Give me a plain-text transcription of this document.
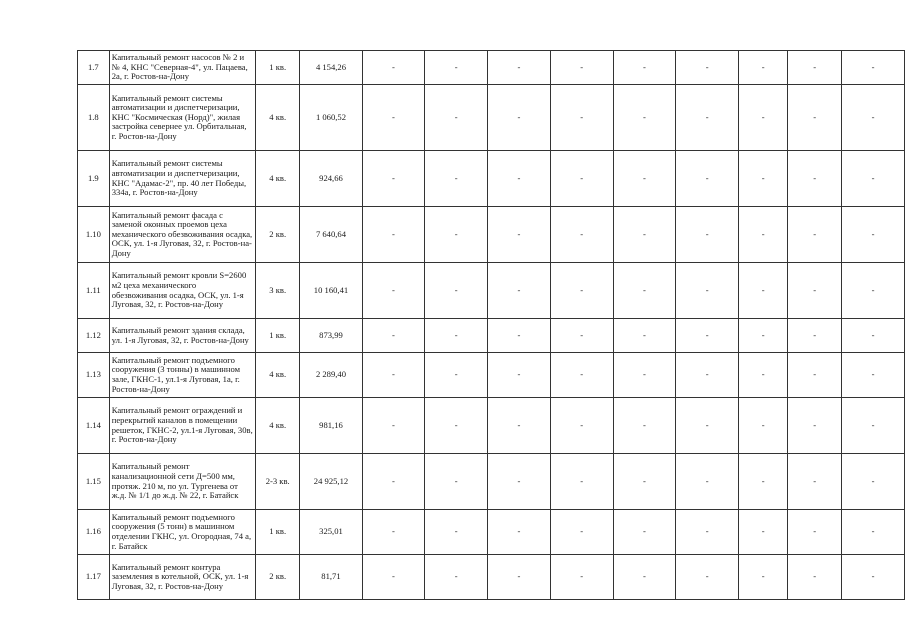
1.7	Капитальный ремонт насосов № 2 и № 4, КНС "Северная-4", ул. Пацаева, 2а, г. Ростов-на-Дону	1 кв.	4 154,26	-	-	-	-	-	-	-	-	-
1.8	Капитальный ремонт системы автоматизации и диспетчеризации, КНС "Космическая (Норд)", жилая застройка севернее ул. Орбитальная, г. Ростов-на-Дону	4 кв.	1 060,52	-	-	-	-	-	-	-	-	-
1.9	Капитальный ремонт системы автоматизации и диспетчеризации, КНС "Адамас-2", пр. 40 лет Победы, 334а, г. Ростов-на-Дону	4 кв.	924,66	-	-	-	-	-	-	-	-	-
1.10	Капитальный ремонт фасада с заменой оконных проемов цеха механического обезвоживания осадка, ОСК, ул. 1-я Луговая, 32, г. Ростов-на-Дону	2 кв.	7 640,64	-	-	-	-	-	-	-	-	-
1.11	Капитальный ремонт кровли S=2600 м2 цеха механического обезвоживания осадка, ОСК, ул. 1-я Луговая, 32, г. Ростов-на-Дону	3 кв.	10 160,41	-	-	-	-	-	-	-	-	-
1.12	Капитальный ремонт здания склада, ул. 1-я Луговая, 32, г. Ростов-на-Дону	1 кв.	873,99	-	-	-	-	-	-	-	-	-
1.13	Капитальный ремонт подъемного сооружения (3 тонны) в машинном зале, ГКНС-1, ул.1-я Луговая, 1а, г. Ростов-на-Дону	4 кв.	2 289,40	-	-	-	-	-	-	-	-	-
1.14	Капитальный ремонт ограждений и перекрытий каналов в помещении решеток, ГКНС-2, ул.1-я Луговая, 30в, г. Ростов-на-Дону	4 кв.	981,16	-	-	-	-	-	-	-	-	-
1.15	Капитальный ремонт канализационной сети Д=500 мм, протяж. 210 м, по ул. Тургенева от ж.д. № 1/1 до ж.д. № 22, г. Батайск	2-3 кв.	24 925,12	-	-	-	-	-	-	-	-	-
1.16	Капитальный ремонт подъемного сооружения (5 тонн) в машинном отделении ГКНС, ул. Огородная, 74 а, г. Батайск	1 кв.	325,01	-	-	-	-	-	-	-	-	-
1.17	Капитальный ремонт контура заземления в котельной, ОСК, ул. 1-я Луговая, 32, г. Ростов-на-Дону	2 кв.	81,71	-	-	-	-	-	-	-	-	-
